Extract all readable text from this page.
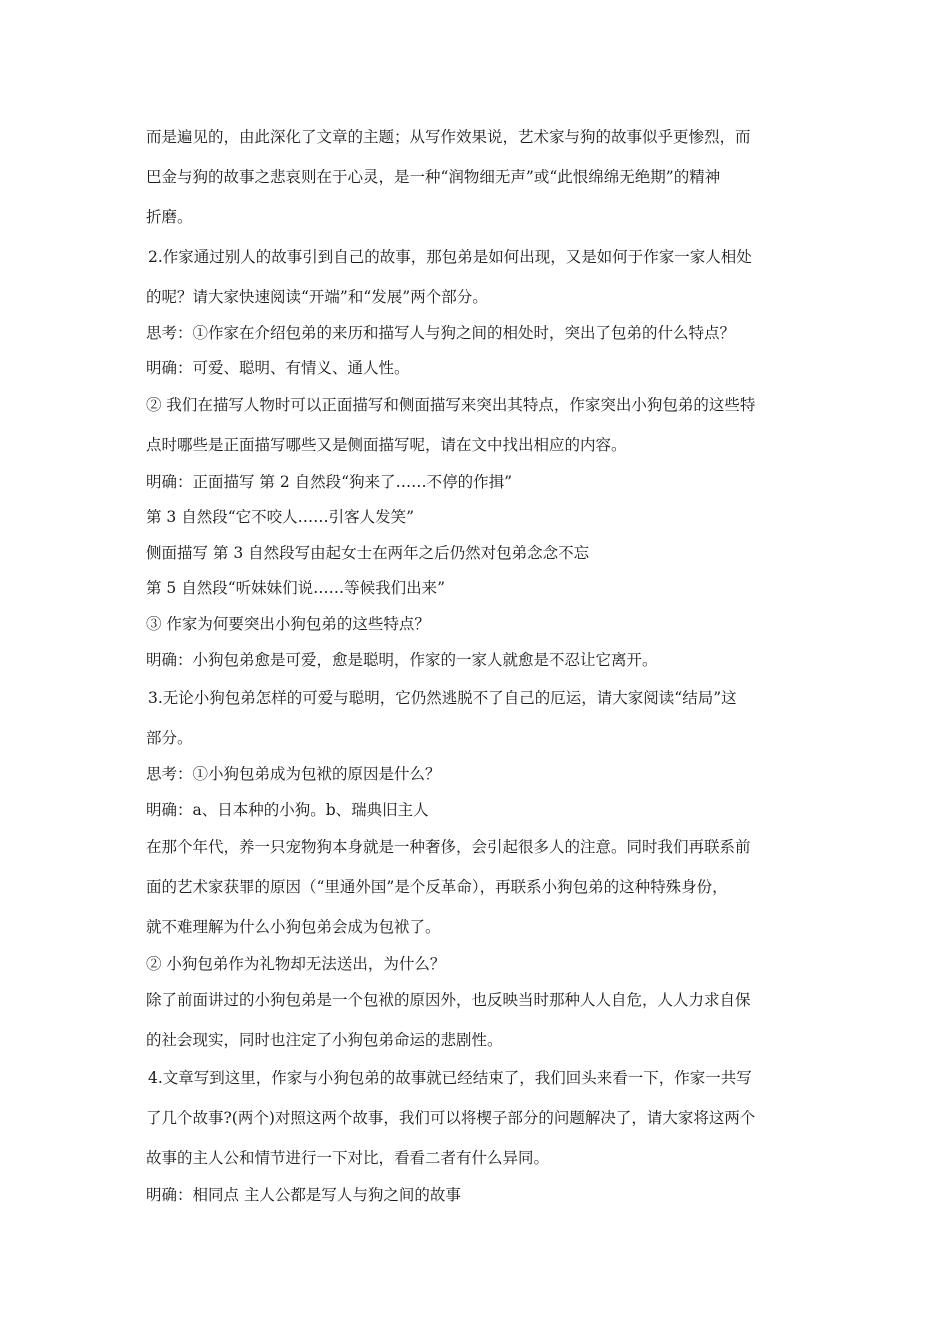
而是遍见的，由此深化了文章的主题；从写作效果说，艺术家与狗的故事似乎更惨烈，而
巴金与狗的故事之悲哀则在于心灵，是一种“润物细无声”或“此恨绵绵无绝期”的精神
折磨。
2.作家通过别人的故事引到自己的故事，那包弟是如何出现，又是如何于作家一家人相处
的呢？请大家快速阅读“开端”和“发展”两个部分。
思考：①作家在介绍包弟的来历和描写人与狗之间的相处时，突出了包弟的什么特点？
明确：可爱、聪明、有情义、通人性。
② 我们在描写人物时可以正面描写和侧面描写来突出其特点，作家突出小狗包弟的这些特
点时哪些是正面描写哪些又是侧面描写呢，请在文中找出相应的内容。
明确：正面描写 第 2 自然段“狗来了……不停的作揖”
第 3 自然段“它不咬人……引客人发笑”
侧面描写 第 3 自然段写由起女士在两年之后仍然对包弟念念不忘
第 5 自然段“听妹妹们说……等候我们出来”
③ 作家为何要突出小狗包弟的这些特点？
明确：小狗包弟愈是可爱，愈是聪明，作家的一家人就愈是不忍让它离开。
3.无论小狗包弟怎样的可爱与聪明，它仍然逃脱不了自己的厄运，请大家阅读“结局”这
部分。
思考：①小狗包弟成为包袱的原因是什么？
明确：a、日本种的小狗。b、瑞典旧主人
在那个年代，养一只宠物狗本身就是一种奢侈，会引起很多人的注意。同时我们再联系前
面的艺术家获罪的原因（“里通外国”是个反革命），再联系小狗包弟的这种特殊身份，
就不难理解为什么小狗包弟会成为包袱了。
② 小狗包弟作为礼物却无法送出，为什么？
除了前面讲过的小狗包弟是一个包袱的原因外，也反映当时那种人人自危，人人力求自保
的社会现实，同时也注定了小狗包弟命运的悲剧性。
4.文章写到这里，作家与小狗包弟的故事就已经结束了，我们回头来看一下，作家一共写
了几个故事?(两个)对照这两个故事，我们可以将楔子部分的问题解决了，请大家将这两个
故事的主人公和情节进行一下对比，看看二者有什么异同。
明确：相同点 主人公都是写人与狗之间的故事
